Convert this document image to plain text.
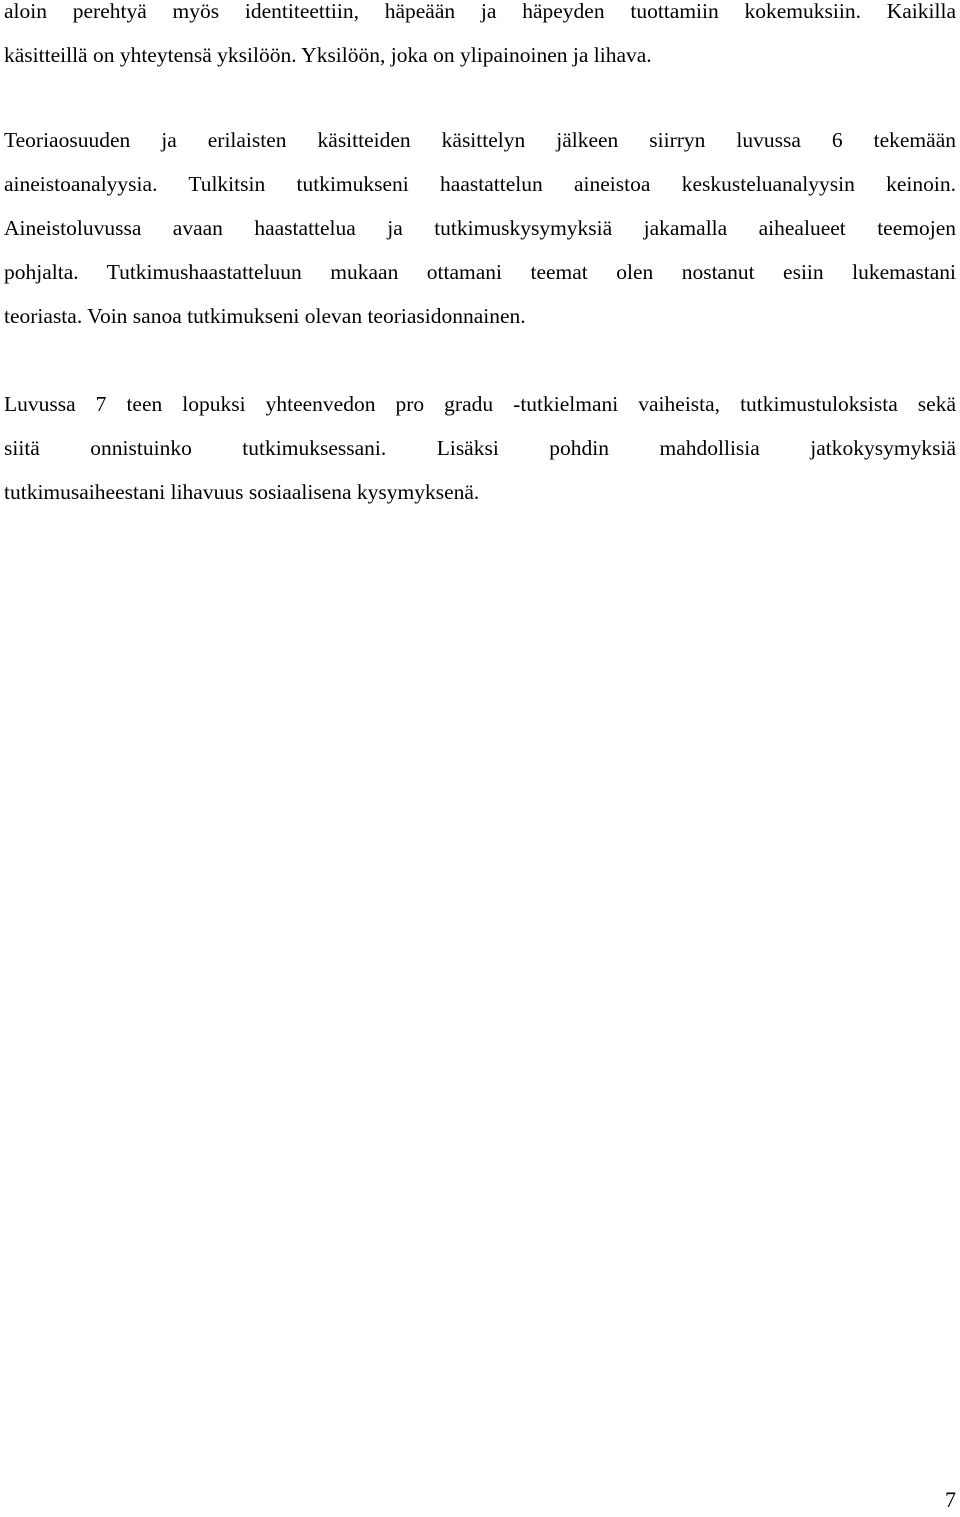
aloin perehtyä myös identiteettiin, häpeään ja häpeyden tuottamiin kokemuksiin. Kaikilla
käsitteillä on yhteytensä yksilöön. Yksilöön, joka on ylipainoinen ja lihava.
Teoriaosuuden ja erilaisten käsitteiden käsittelyn jälkeen siirryn luvussa 6 tekemään
aineistoanalyysia. Tulkitsin tutkimukseni haastattelun aineistoa keskusteluanalyysin keinoin.
Aineistoluvussa avaan haastattelua ja tutkimuskysymyksiä jakamalla aihealueet teemojen
pohjalta. Tutkimushaastatteluun mukaan ottamani teemat olen nostanut esiin lukemastani
teoriasta. Voin sanoa tutkimukseni olevan teoriasidonnainen.
Luvussa 7 teen lopuksi yhteenvedon pro gradu -tutkielmani vaiheista, tutkimustuloksista sekä
siitä onnistuinko tutkimuksessani. Lisäksi pohdin mahdollisia jatkokysymyksiä
tutkimusaiheestani lihavuus sosiaalisena kysymyksenä.
7
